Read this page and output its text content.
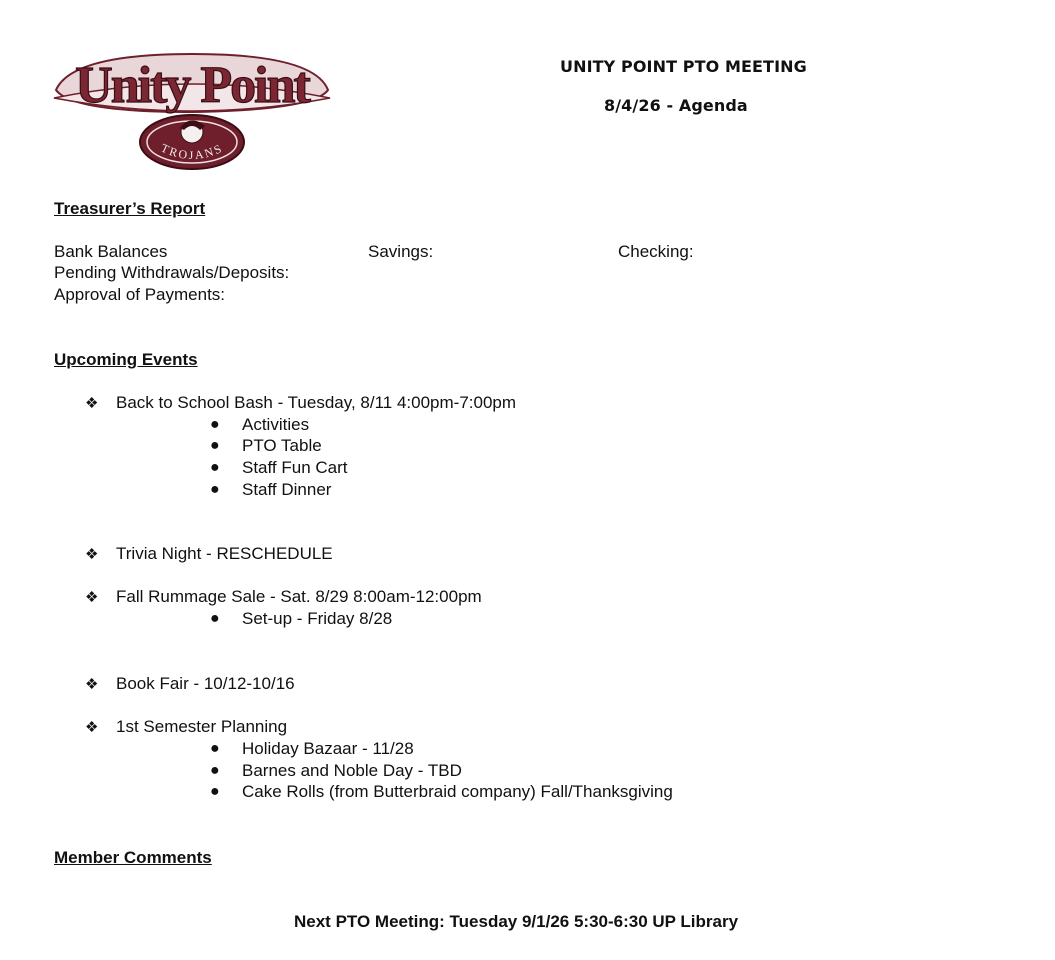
Unity Point
TROJANS
UNITY POINT PTO MEETING
8/4/26 - Agenda
Treasurer’s Report
Bank Balances	Savings:	Checking:
Pending Withdrawals/Deposits:
Approval of Payments:
Upcoming Events
❖ Back to School Bash - Tuesday, 8/11 4:00pm-7:00pm
● Activities
● PTO Table
● Staff Fun Cart
● Staff Dinner
❖ Trivia Night - RESCHEDULE
❖ Fall Rummage Sale - Sat. 8/29 8:00am-12:00pm
● Set-up - Friday 8/28
❖ Book Fair - 10/12-10/16
❖ 1st Semester Planning
● Holiday Bazaar - 11/28
● Barnes and Noble Day - TBD
● Cake Rolls (from Butterbraid company) Fall/Thanksgiving
Member Comments
Next PTO Meeting: Tuesday 9/1/26 5:30-6:30 UP Library
